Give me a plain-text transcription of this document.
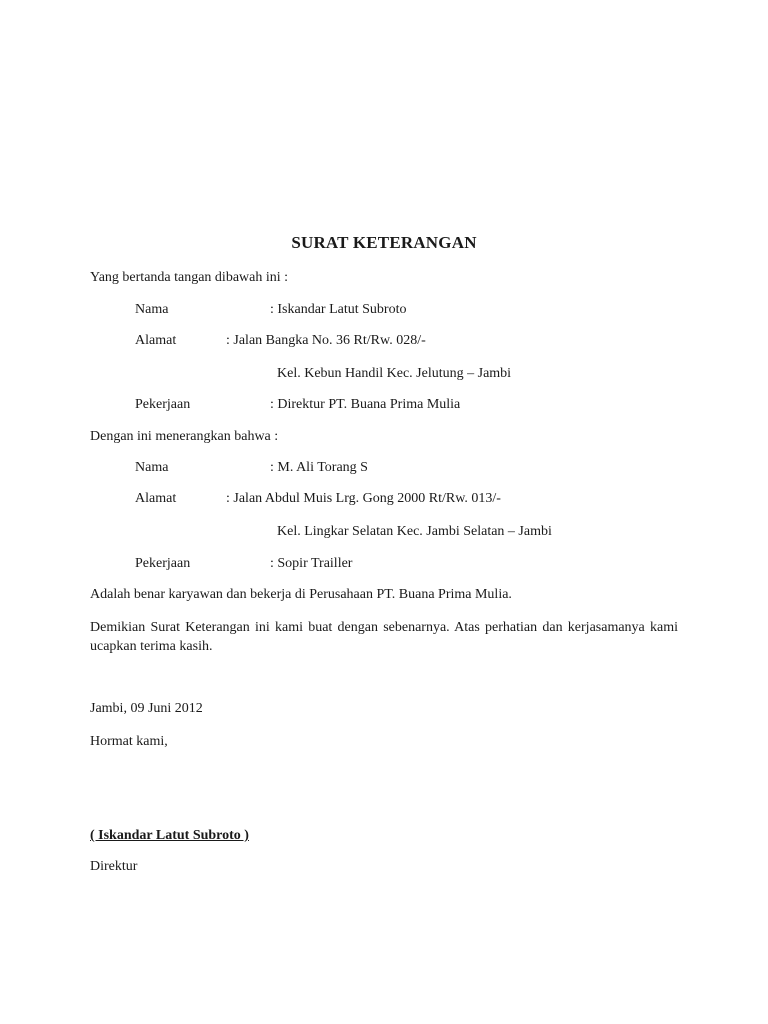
SURAT KETERANGAN
Yang bertanda tangan dibawah ini :
Nama	: Iskandar Latut Subroto
Alamat	: Jalan Bangka No. 36 Rt/Rw. 028/-
Kel. Kebun Handil Kec. Jelutung – Jambi
Pekerjaan	: Direktur PT. Buana Prima Mulia
Dengan ini menerangkan bahwa :
Nama	: M. Ali Torang S
Alamat	: Jalan Abdul Muis Lrg. Gong 2000 Rt/Rw. 013/-
Kel. Lingkar Selatan Kec. Jambi Selatan – Jambi
Pekerjaan	: Sopir Trailler
Adalah benar karyawan dan bekerja di Perusahaan PT. Buana Prima Mulia.
Demikian Surat Keterangan ini kami buat dengan sebenarnya. Atas perhatian dan kerjasamanya kami ucapkan terima kasih.
Jambi, 09 Juni 2012
Hormat kami,
( Iskandar Latut Subroto )
Direktur
